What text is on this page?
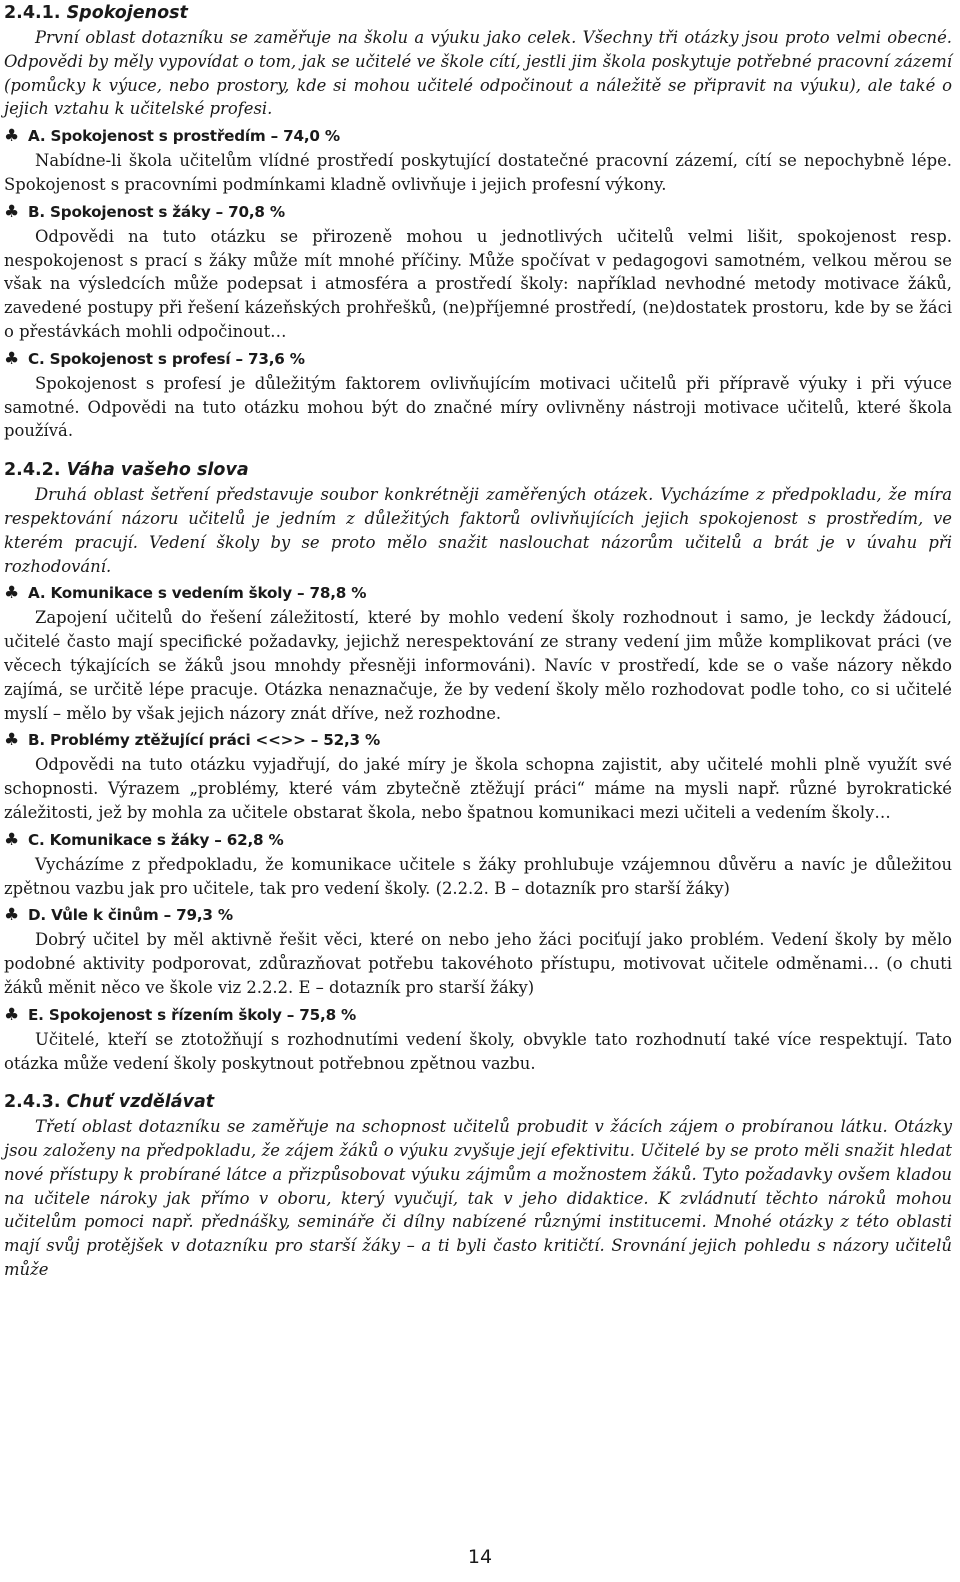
2.4.1. Spokojenost

První oblast dotazníku se zaměřuje na školu a výuku jako celek. Všechny tři otázky jsou proto velmi obecné. Odpovědi by měly vypovídat o tom, jak se učitelé ve škole cítí, jestli jim škola poskytuje potřebné pracovní zázemí (pomůcky k výuce, nebo prostory, kde si mohou učitelé odpočinout a náležitě se připravit na výuku), ale také o jejich vztahu k učitelské profesi.

♣ A. Spokojenost s prostředím – 74,0 %

Nabídne-li škola učitelům vlídné prostředí poskytující dostatečné pracovní zázemí, cítí se nepochybně lépe. Spokojenost s pracovními podmínkami kladně ovlivňuje i jejich profesní výkony.

♣ B. Spokojenost s žáky – 70,8 %

Odpovědi na tuto otázku se přirozeně mohou u jednotlivých učitelů velmi lišit, spokojenost resp. nespokojenost s prací s žáky může mít mnohé příčiny. Může spočívat v pedagogovi samotném, velkou měrou se však na výsledcích může podepsat i atmosféra a prostředí školy: například nevhodné metody motivace žáků, zavedené postupy při řešení kázeňských prohřešků, (ne)příjemné prostředí, (ne)dostatek prostoru, kde by se žáci o přestávkách mohli odpočinout…

♣ C. Spokojenost s profesí – 73,6 %

Spokojenost s profesí je důležitým faktorem ovlivňujícím motivaci učitelů při přípravě výuky i při výuce samotné. Odpovědi na tuto otázku mohou být do značné míry ovlivněny nástroji motivace učitelů, které škola používá.

2.4.2. Váha vašeho slova

Druhá oblast šetření představuje soubor konkrétněji zaměřených otázek. Vycházíme z předpokladu, že míra respektování názoru učitelů je jedním z důležitých faktorů ovlivňujících jejich spokojenost s prostředím, ve kterém pracují. Vedení školy by se proto mělo snažit naslouchat názorům učitelů a brát je v úvahu při rozhodování.

♣ A. Komunikace s vedením školy – 78,8 %

Zapojení učitelů do řešení záležitostí, které by mohlo vedení školy rozhodnout i samo, je leckdy žádoucí, učitelé často mají specifické požadavky, jejichž nerespektování ze strany vedení jim může komplikovat práci (ve věcech týkajících se žáků jsou mnohdy přesněji informováni). Navíc v prostředí, kde se o vaše názory někdo zajímá, se určitě lépe pracuje. Otázka nenaznačuje, že by vedení školy mělo rozhodovat podle toho, co si učitelé myslí – mělo by však jejich názory znát dříve, než rozhodne.

♣ B. Problémy ztěžující práci <<>> – 52,3 %

Odpovědi na tuto otázku vyjadřují, do jaké míry je škola schopna zajistit, aby učitelé mohli plně využít své schopnosti. Výrazem „problémy, které vám zbytečně ztěžují práci“ máme na mysli např. různé byrokratické záležitosti, jež by mohla za učitele obstarat škola, nebo špatnou komunikaci mezi učiteli a vedením školy…

♣ C. Komunikace s žáky – 62,8 %

Vycházíme z předpokladu, že komunikace učitele s žáky prohlubuje vzájemnou důvěru a navíc je důležitou zpětnou vazbu jak pro učitele, tak pro vedení školy. (2.2.2. B – dotazník pro starší žáky)

♣ D. Vůle k činům – 79,3 %

Dobrý učitel by měl aktivně řešit věci, které on nebo jeho žáci pociťují jako problém. Vedení školy by mělo podobné aktivity podporovat, zdůrazňovat potřebu takovéhoto přístupu, motivovat učitele odměnami… (o chuti žáků měnit něco ve škole viz 2.2.2. E – dotazník pro starší žáky)

♣ E. Spokojenost s řízením školy – 75,8 %

Učitelé, kteří se ztotožňují s rozhodnutími vedení školy, obvykle tato rozhodnutí také více respektují. Tato otázka může vedení školy poskytnout potřebnou zpětnou vazbu.

2.4.3. Chuť vzdělávat

Třetí oblast dotazníku se zaměřuje na schopnost učitelů probudit v žácích zájem o probíranou látku. Otázky jsou založeny na předpokladu, že zájem žáků o výuku zvyšuje její efektivitu. Učitelé by se proto měli snažit hledat nové přístupy k probírané látce a přizpůsobovat výuku zájmům a možnostem žáků. Tyto požadavky ovšem kladou na učitele nároky jak přímo v oboru, který vyučují, tak v jeho didaktice. K zvládnutí těchto nároků mohou učitelům pomoci např. přednášky, semináře či dílny nabízené různými institucemi. Mnohé otázky z této oblasti mají svůj protějšek v dotazníku pro starší žáky – a ti byli často kritičtí. Srovnání jejich pohledu s názory učitelů může

14
